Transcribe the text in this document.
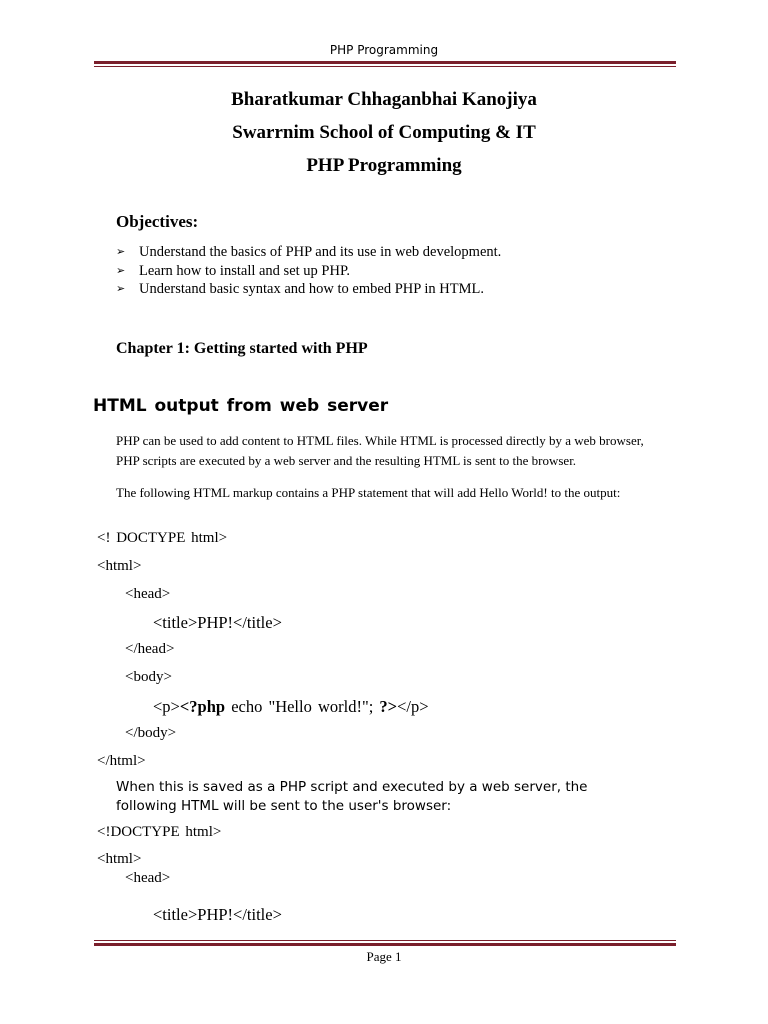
PHP Programming
Bharatkumar Chhaganbhai Kanojiya
Swarrnim School of Computing & IT
PHP Programming
Objectives:
➢ Understand the basics of PHP and its use in web development.
➢ Learn how to install and set up PHP.
➢ Understand basic syntax and how to embed PHP in HTML.
Chapter 1: Getting started with PHP
HTML output from web server
PHP can be used to add content to HTML files. While HTML is processed directly by a web browser,
PHP scripts are executed by a web server and the resulting HTML is sent to the browser.
The following HTML markup contains a PHP statement that will add Hello World! to the output:
<! DOCTYPE html>
<html>
<head>
<title>PHP!</title>
</head>
<body>
<p><?php echo "Hello world!"; ?></p>
</body>
</html>
When this is saved as a PHP script and executed by a web server, the
following HTML will be sent to the user's browser:
<!DOCTYPE html>
<html>
<head>
<title>PHP!</title>
Page 1
